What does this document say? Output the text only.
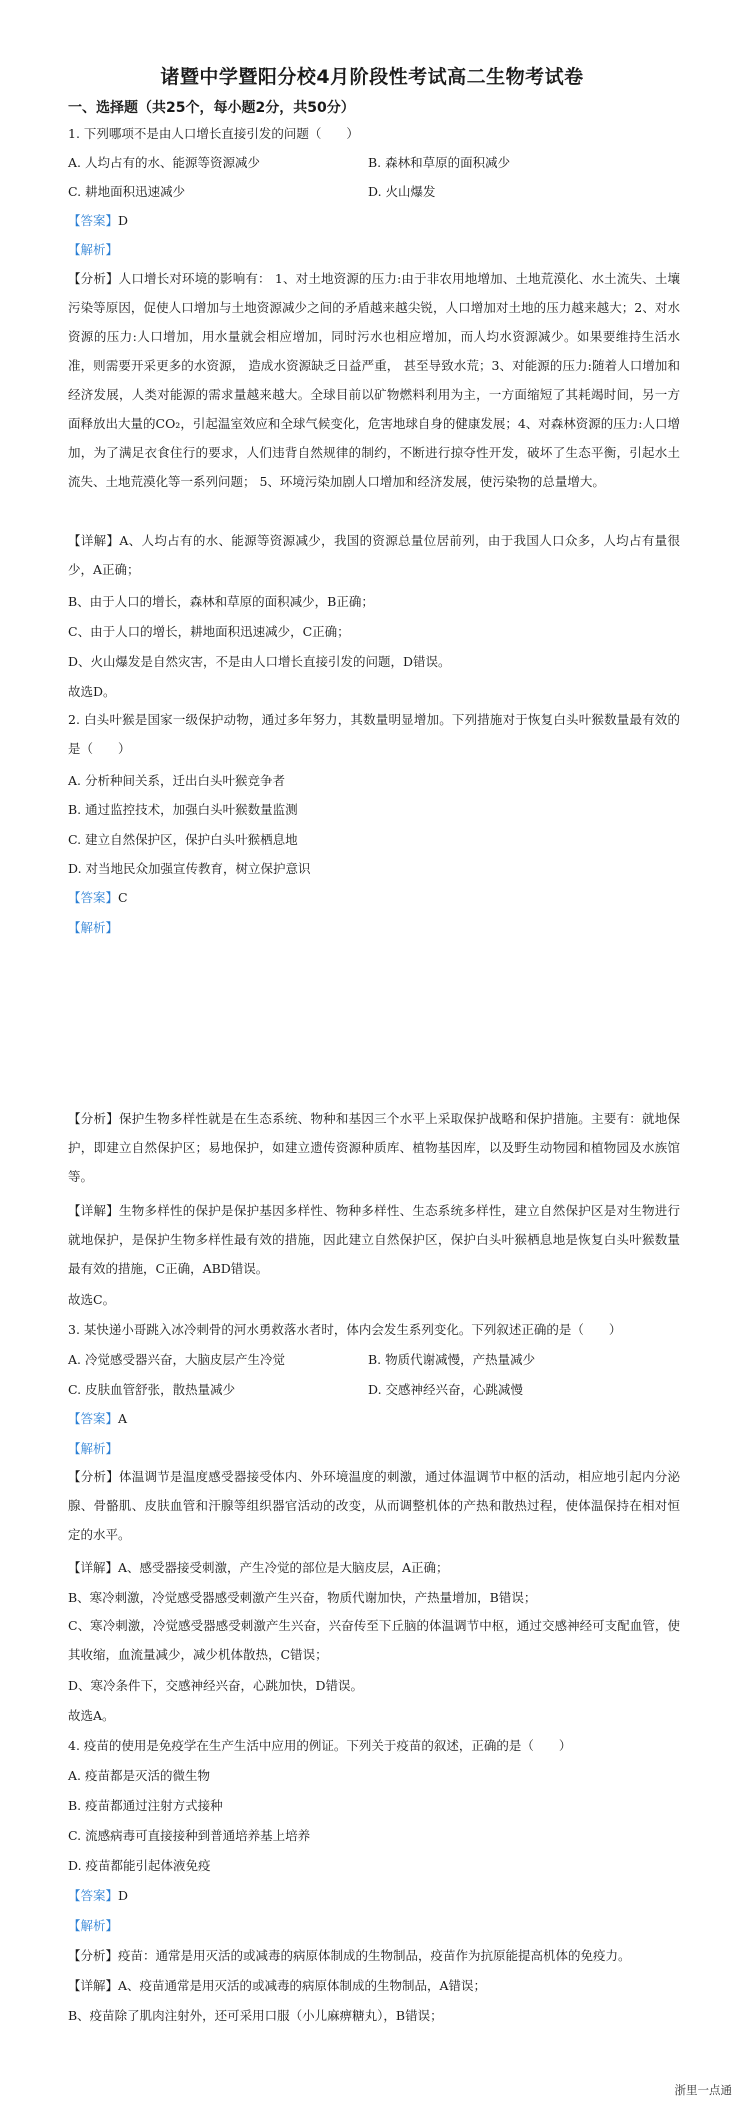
诸暨中学暨阳分校4月阶段性考试高二生物考试卷
一、选择题（共25个，每小题2分，共50分）
1. 下列哪项不是由人口增长直接引发的问题（　　）
A. 人均占有的水、能源等资源减少	B. 森林和草原的面积减少
C. 耕地面积迅速减少	D. 火山爆发
【答案】D
【解析】
【分析】人口增长对环境的影响有： 1、对土地资源的压力:由于非农用地增加、土地荒漠化、水土流失、土壤污染等原因，促使人口增加与土地资源减少之间的矛盾越来越尖锐，人口增加对土地的压力越来越大；2、对水资源的压力:人口增加，用水量就会相应增加，同时污水也相应增加，而人均水资源减少。如果要维持生活水准，则需要开采更多的水资源， 造成水资源缺乏日益严重， 甚至导致水荒；3、对能源的压力:随着人口增加和经济发展，人类对能源的需求量越来越大。全球目前以矿物燃料利用为主，一方面缩短了其耗竭时间，另一方面释放出大量的CO₂，引起温室效应和全球气候变化，危害地球自身的健康发展；4、对森林资源的压力:人口增加，为了满足衣食住行的要求，人们违背自然规律的制约，不断进行掠夺性开发，破坏了生态平衡，引起水土流失、土地荒漠化等一系列问题； 5、环境污染加剧人口增加和经济发展，使污染物的总量增大。
【详解】A、人均占有的水、能源等资源减少，我国的资源总量位居前列，由于我国人口众多，人均占有量很少，A正确；
B、由于人口的增长，森林和草原的面积减少，B正确；
C、由于人口的增长，耕地面积迅速减少，C正确；
D、火山爆发是自然灾害，不是由人口增长直接引发的问题，D错误。
故选D。
2. 白头叶猴是国家一级保护动物，通过多年努力，其数量明显增加。下列措施对于恢复白头叶猴数量最有效的是（　　）
A. 分析种间关系，迁出白头叶猴竞争者
B. 通过监控技术，加强白头叶猴数量监测
C. 建立自然保护区，保护白头叶猴栖息地
D. 对当地民众加强宣传教育，树立保护意识
【答案】C
【解析】
【分析】保护生物多样性就是在生态系统、物种和基因三个水平上采取保护战略和保护措施。主要有：就地保护，即建立自然保护区；易地保护，如建立遗传资源种质库、植物基因库，以及野生动物园和植物园及水族馆等。
【详解】生物多样性的保护是保护基因多样性、物种多样性、生态系统多样性，建立自然保护区是对生物进行就地保护，是保护生物多样性最有效的措施，因此建立自然保护区，保护白头叶猴栖息地是恢复白头叶猴数量最有效的措施，C正确，ABD错误。
故选C。
3. 某快递小哥跳入冰冷刺骨的河水勇救落水者时，体内会发生系列变化。下列叙述正确的是（　　）
A. 冷觉感受器兴奋，大脑皮层产生冷觉	B. 物质代谢减慢，产热量减少
C. 皮肤血管舒张，散热量减少	D. 交感神经兴奋，心跳减慢
【答案】A
【解析】
【分析】体温调节是温度感受器接受体内、外环境温度的刺激，通过体温调节中枢的活动，相应地引起内分泌腺、骨骼肌、皮肤血管和汗腺等组织器官活动的改变，从而调整机体的产热和散热过程，使体温保持在相对恒定的水平。
【详解】A、感受器接受刺激，产生冷觉的部位是大脑皮层，A正确；
B、寒冷刺激，冷觉感受器感受刺激产生兴奋，物质代谢加快，产热量增加，B错误；
C、寒冷刺激，冷觉感受器感受刺激产生兴奋，兴奋传至下丘脑的体温调节中枢，通过交感神经可支配血管，使其收缩，血流量减少，减少机体散热，C错误；
D、寒冷条件下，交感神经兴奋，心跳加快，D错误。
故选A。
4. 疫苗的使用是免疫学在生产生活中应用的例证。下列关于疫苗的叙述，正确的是（　　）
A. 疫苗都是灭活的微生物
B. 疫苗都通过注射方式接种
C. 流感病毒可直接接种到普通培养基上培养
D. 疫苗都能引起体液免疫
【答案】D
【解析】
【分析】疫苗：通常是用灭活的或减毒的病原体制成的生物制品，疫苗作为抗原能提高机体的免疫力。
【详解】A、疫苗通常是用灭活的或减毒的病原体制成的生物制品，A错误；
B、疫苗除了肌肉注射外，还可采用口服（小儿麻痹糖丸），B错误；
浙里一点通
